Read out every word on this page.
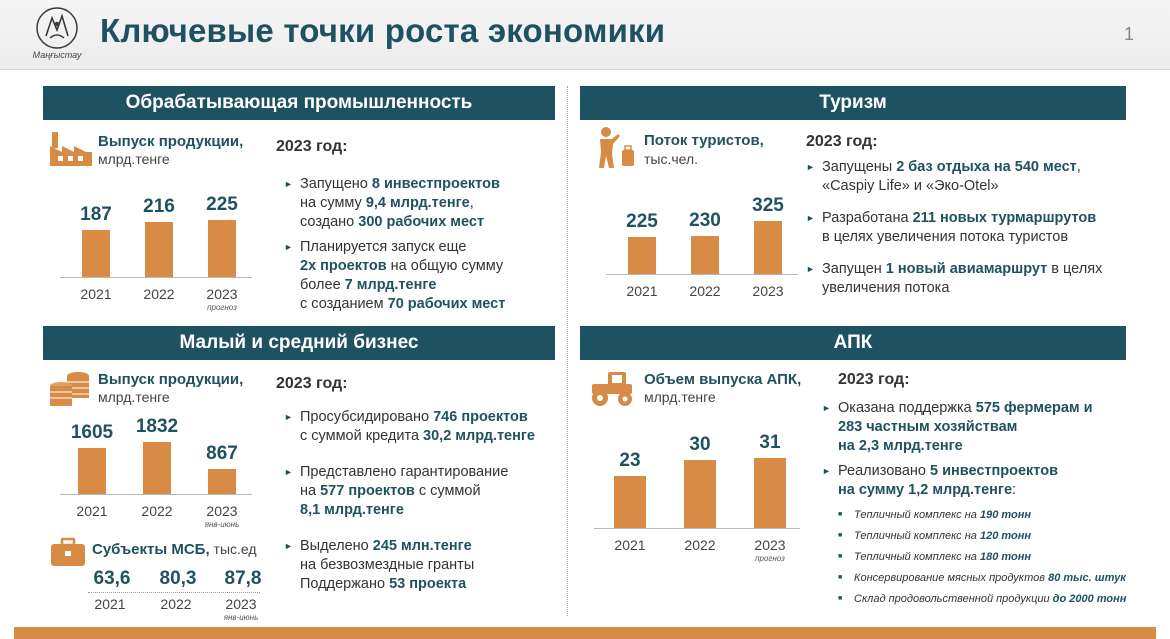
Маңғыстау
Ключевые точки роста экономики	1
Обрабатывающая промышленность
Выпуск продукции,
млрд.тенге
187
2021
216
2022
225
2023
прогноз
2023 год:
► Запущено 8 инвестпроектов
на сумму 9,4 млрд.тенге,
создано 300 рабочих мест
► Планируется запуск еще
2х проектов на общую сумму
более 7 млрд.тенге
с созданием 70 рабочих мест
Туризм
Поток туристов,
тыс.чел.
225
2021
230
2022
325
2023
2023 год:
► Запущены 2 баз отдыха на 540 мест,
«Caspiy Life» и «Эко-Otel»
► Разработана 211 новых турмаршрутов
в целях увеличения потока туристов
► Запущен 1 новый авиамаршрут в целях
увеличения потока
Малый и средний бизнес
Выпуск продукции,
млрд.тенге
1605
2021
1832
2022
867
2023
янв-июнь
Субъекты МСБ, тыс.ед
63,6	80,3	87,8
2021	2022	2023
янв-июнь
2023 год:
► Просубсидировано 746 проектов
с суммой кредита 30,2 млрд.тенге
► Представлено гарантирование
на 577 проектов с суммой
8,1 млрд.тенге
► Выделено 245 млн.тенге
на безвозмездные гранты
Поддержано 53 проекта
АПК
Объем выпуска АПК,
млрд.тенге
23
2021
30
2022
31
2023
прогноз
2023 год:
► Оказана поддержка 575 фермерам и
283 частным хозяйствам
на 2,3 млрд.тенге
► Реализовано 5 инвестпроектов
на сумму 1,2 млрд.тенге:
■ Тепличный комплекс на 190 тонн
■ Тепличный комплекс на 120 тонн
■ Тепличный комплекс на 180 тонн
■ Консервирование мясных продуктов 80 тыс. штук
■ Склад продовольственной продукции до 2000 тонн
